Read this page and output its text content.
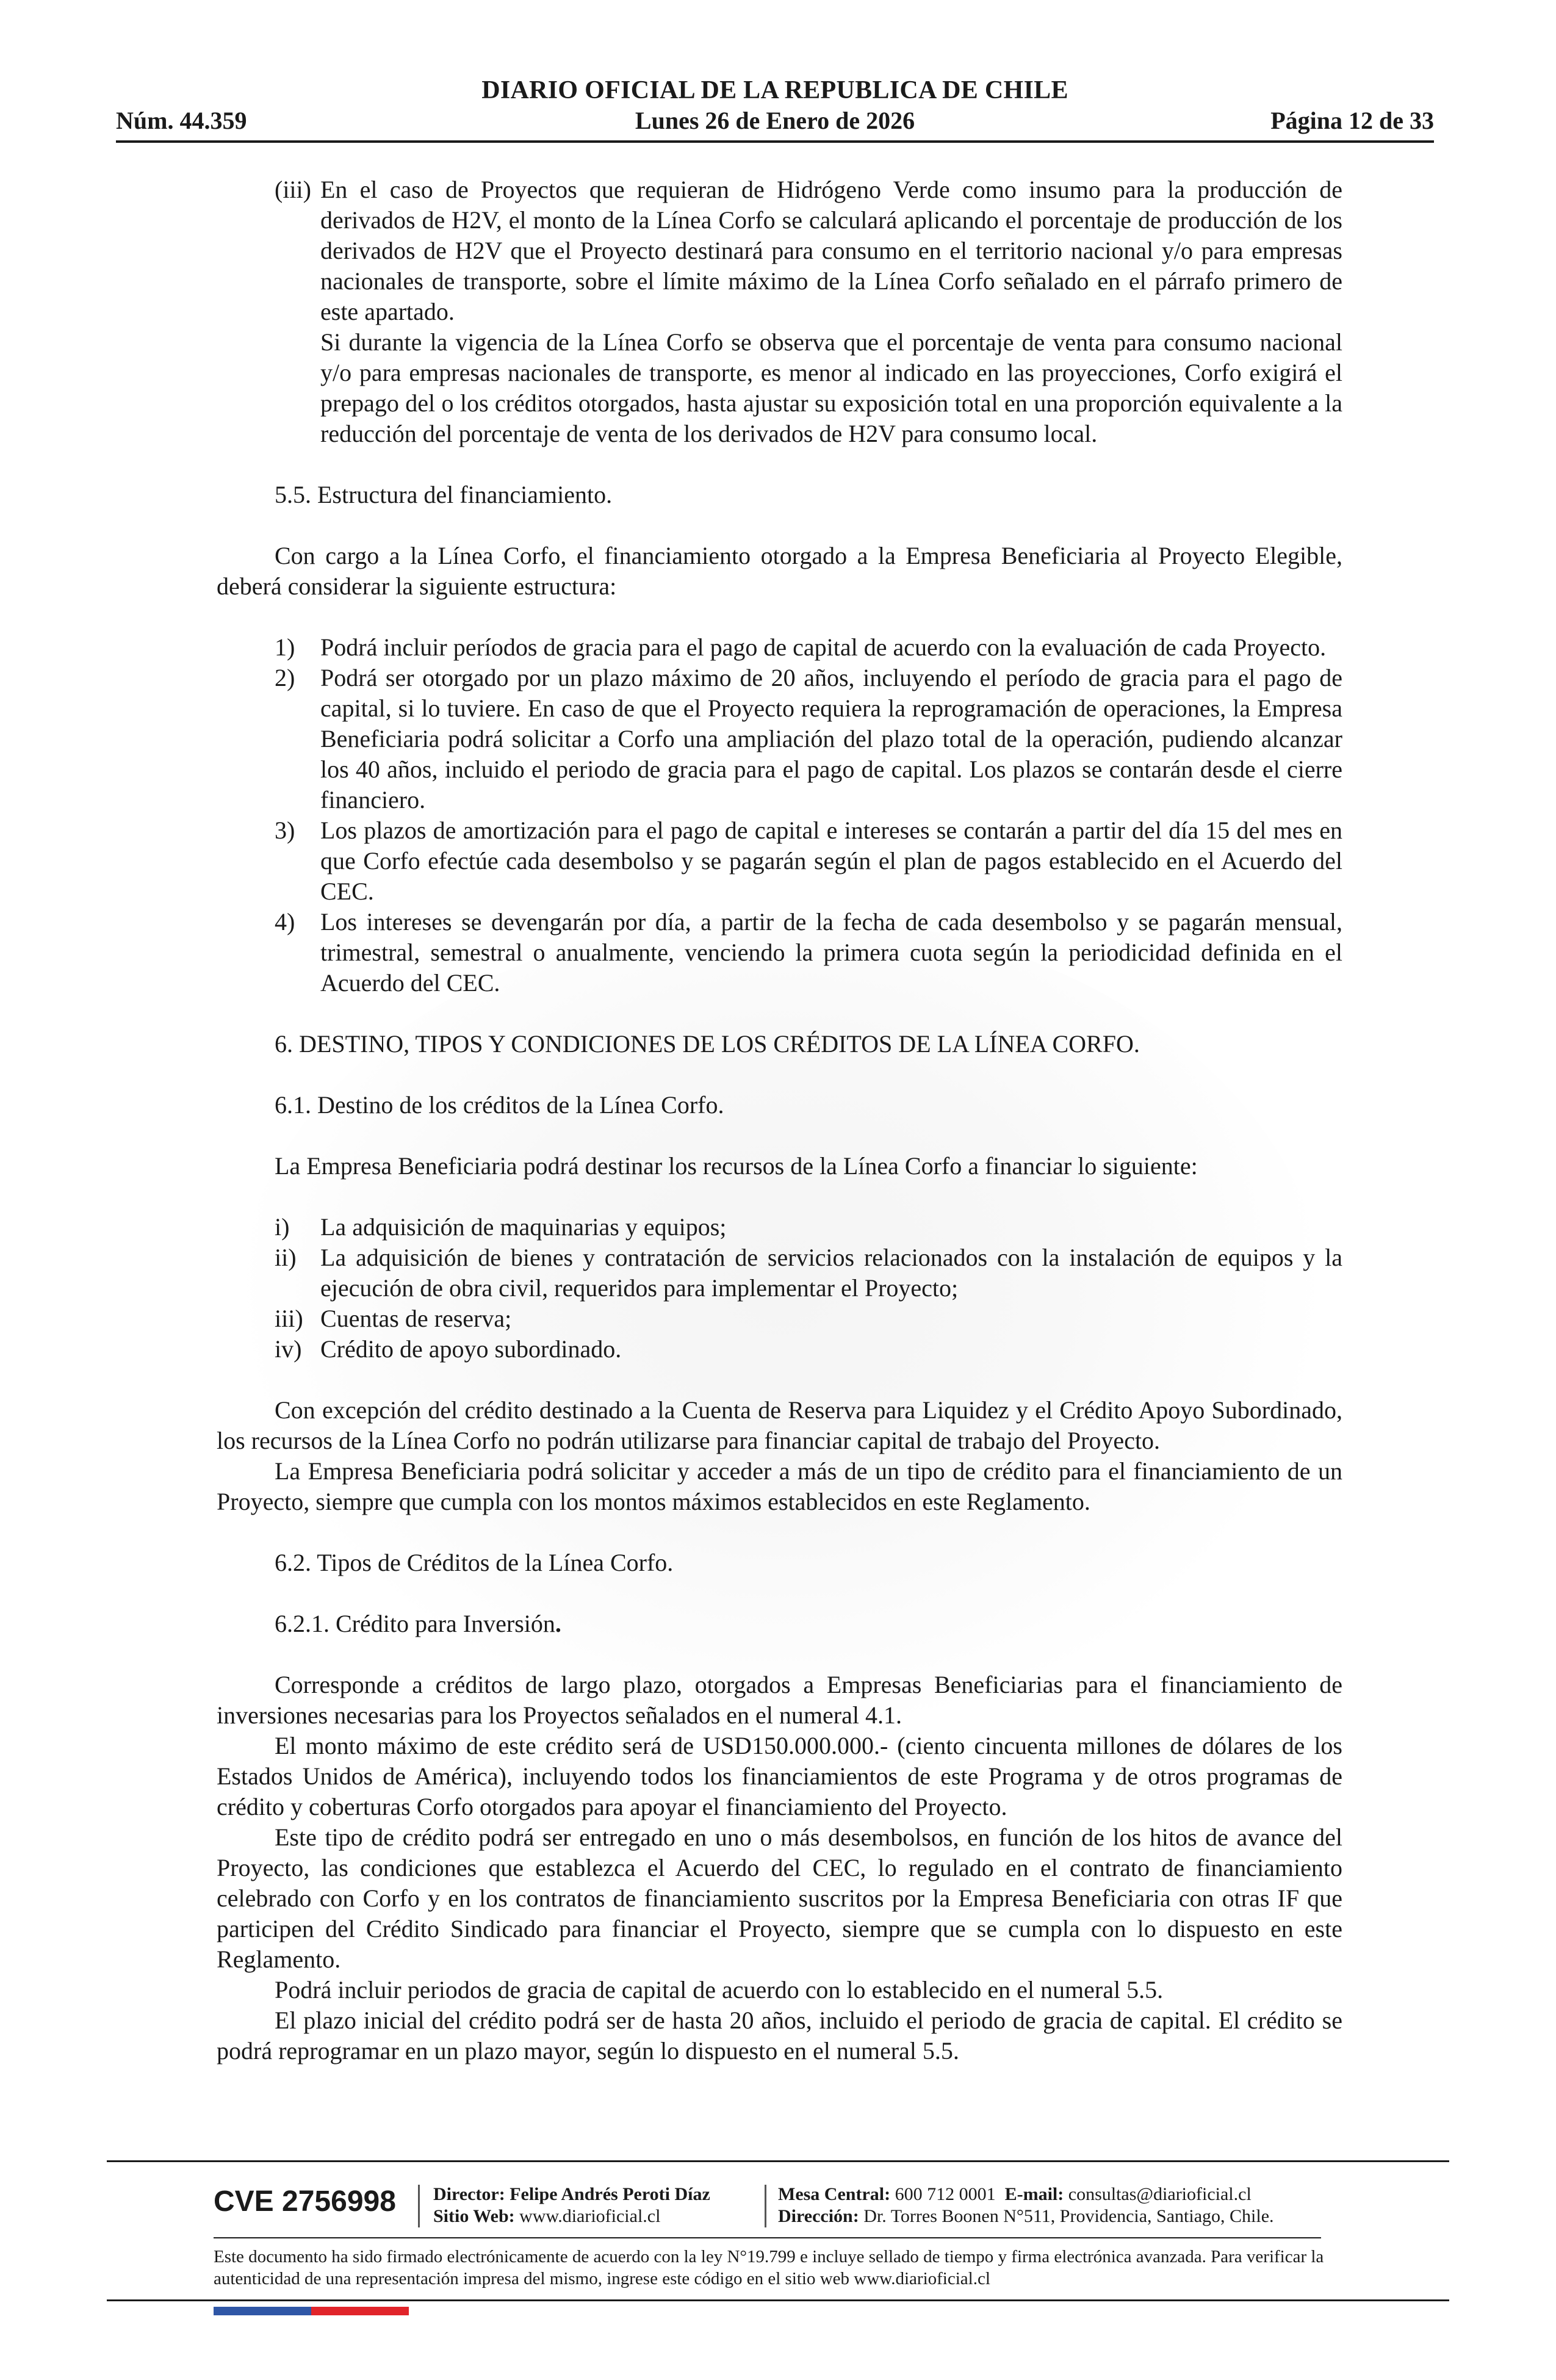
DIARIO OFICIAL DE LA REPUBLICA DE CHILE
Núm. 44.359	Lunes 26 de Enero de 2026	Página 12 de 33

(iii) En el caso de Proyectos que requieran de Hidrógeno Verde como insumo para la producción de derivados de H2V, el monto de la Línea Corfo se calculará aplicando el porcentaje de producción de los derivados de H2V que el Proyecto destinará para consumo en el territorio nacional y/o para empresas nacionales de transporte, sobre el límite máximo de la Línea Corfo señalado en el párrafo primero de este apartado.

Si durante la vigencia de la Línea Corfo se observa que el porcentaje de venta para consumo nacional y/o para empresas nacionales de transporte, es menor al indicado en las proyecciones, Corfo exigirá el prepago del o los créditos otorgados, hasta ajustar su exposición total en una proporción equivalente a la reducción del porcentaje de venta de los derivados de H2V para consumo local.

5.5. Estructura del financiamiento.

Con cargo a la Línea Corfo, el financiamiento otorgado a la Empresa Beneficiaria al Proyecto Elegible, deberá considerar la siguiente estructura:

1)	Podrá incluir períodos de gracia para el pago de capital de acuerdo con la evaluación de cada Proyecto.
2)	Podrá ser otorgado por un plazo máximo de 20 años, incluyendo el período de gracia para el pago de capital, si lo tuviere. En caso de que el Proyecto requiera la reprogramación de operaciones, la Empresa Beneficiaria podrá solicitar a Corfo una ampliación del plazo total de la operación, pudiendo alcanzar los 40 años, incluido el periodo de gracia para el pago de capital. Los plazos se contarán desde el cierre financiero.
3)	Los plazos de amortización para el pago de capital e intereses se contarán a partir del día 15 del mes en que Corfo efectúe cada desembolso y se pagarán según el plan de pagos establecido en el Acuerdo del CEC.
4)	Los intereses se devengarán por día, a partir de la fecha de cada desembolso y se pagarán mensual, trimestral, semestral o anualmente, venciendo la primera cuota según la periodicidad definida en el Acuerdo del CEC.

6. DESTINO, TIPOS Y CONDICIONES DE LOS CRÉDITOS DE LA LÍNEA CORFO.

6.1. Destino de los créditos de la Línea Corfo.

La Empresa Beneficiaria podrá destinar los recursos de la Línea Corfo a financiar lo siguiente:

i)	La adquisición de maquinarias y equipos;
ii) La adquisición de bienes y contratación de servicios relacionados con la instalación de equipos y la ejecución de obra civil, requeridos para implementar el Proyecto;
iii) Cuentas de reserva;
iv) Crédito de apoyo subordinado.

Con excepción del crédito destinado a la Cuenta de Reserva para Liquidez y el Crédito Apoyo Subordinado, los recursos de la Línea Corfo no podrán utilizarse para financiar capital de trabajo del Proyecto.

La Empresa Beneficiaria podrá solicitar y acceder a más de un tipo de crédito para el financiamiento de un Proyecto, siempre que cumpla con los montos máximos establecidos en este Reglamento.

6.2. Tipos de Créditos de la Línea Corfo.

6.2.1. Crédito para Inversión.

Corresponde a créditos de largo plazo, otorgados a Empresas Beneficiarias para el financiamiento de inversiones necesarias para los Proyectos señalados en el numeral 4.1.

El monto máximo de este crédito será de USD150.000.000.- (ciento cincuenta millones de dólares de los Estados Unidos de América), incluyendo todos los financiamientos de este Programa y de otros programas de crédito y coberturas Corfo otorgados para apoyar el financiamiento del Proyecto.

Este tipo de crédito podrá ser entregado en uno o más desembolsos, en función de los hitos de avance del Proyecto, las condiciones que establezca el Acuerdo del CEC, lo regulado en el contrato de financiamiento celebrado con Corfo y en los contratos de financiamiento suscritos por la Empresa Beneficiaria con otras IF que participen del Crédito Sindicado para financiar el Proyecto, siempre que se cumpla con lo dispuesto en este Reglamento.

Podrá incluir periodos de gracia de capital de acuerdo con lo establecido en el numeral 5.5.

El plazo inicial del crédito podrá ser de hasta 20 años, incluido el periodo de gracia de capital. El crédito se podrá reprogramar en un plazo mayor, según lo dispuesto en el numeral 5.5.

CVE 2756998 Director: Felipe Andrés Peroti Díaz
Sitio Web: www.diarioficial.cl
Mesa Central: 600 712 0001 E-mail: consultas@diarioficial.cl
Dirección: Dr. Torres Boonen N°511, Providencia, Santiago, Chile.
Este documento ha sido firmado electrónicamente de acuerdo con la ley N°19.799 e incluye sellado de tiempo y firma electrónica avanzada. Para verificar la autenticidad de una representación impresa del mismo, ingrese este código en el sitio web www.diarioficial.cl
